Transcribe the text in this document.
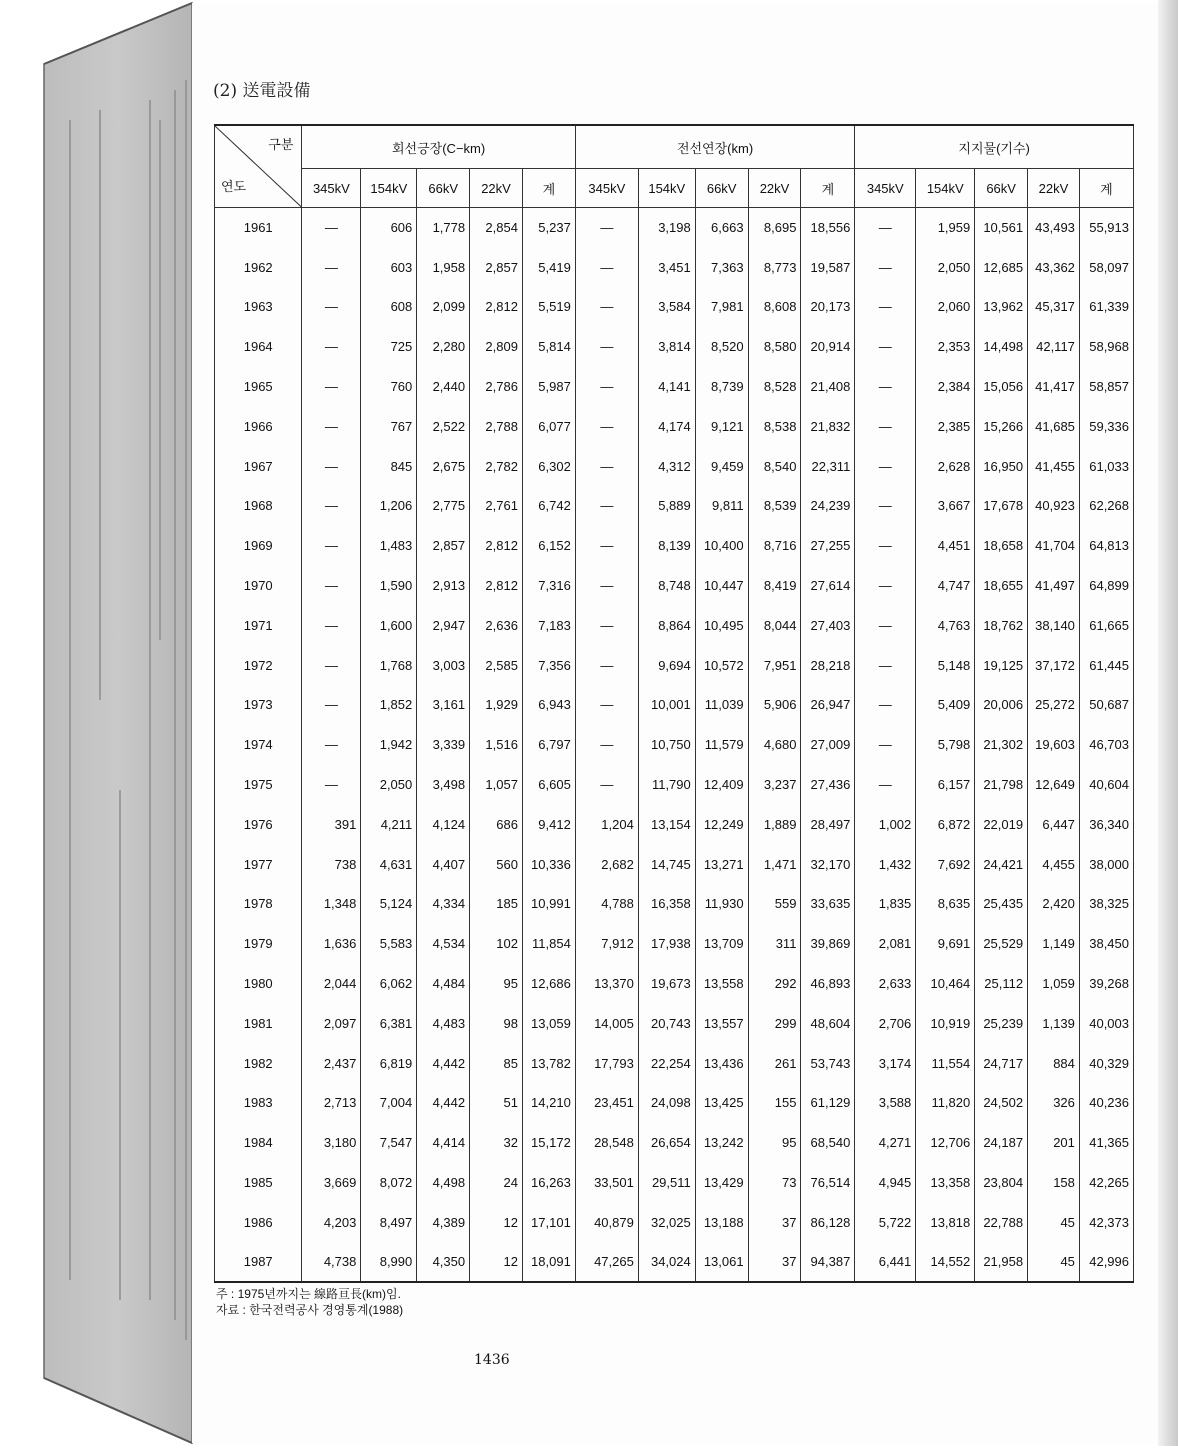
(2) 送電設備
구분
연도	회선긍장(C−km)					전선연장(km)					지지물(기수)				
	345kV	154kV	66kV	22kV	계	345kV	154kV	66kV	22kV	계	345kV	154kV	66kV	22kV	계
1961	—	606	1,778	2,854	5,237	—	3,198	6,663	8,695	18,556	—	1,959	10,561	43,493	55,913
1962	—	603	1,958	2,857	5,419	—	3,451	7,363	8,773	19,587	—	2,050	12,685	43,362	58,097
1963	—	608	2,099	2,812	5,519	—	3,584	7,981	8,608	20,173	—	2,060	13,962	45,317	61,339
1964	—	725	2,280	2,809	5,814	—	3,814	8,520	8,580	20,914	—	2,353	14,498	42,117	58,968
1965	—	760	2,440	2,786	5,987	—	4,141	8,739	8,528	21,408	—	2,384	15,056	41,417	58,857
1966	—	767	2,522	2,788	6,077	—	4,174	9,121	8,538	21,832	—	2,385	15,266	41,685	59,336
1967	—	845	2,675	2,782	6,302	—	4,312	9,459	8,540	22,311	—	2,628	16,950	41,455	61,033
1968	—	1,206	2,775	2,761	6,742	—	5,889	9,811	8,539	24,239	—	3,667	17,678	40,923	62,268
1969	—	1,483	2,857	2,812	6,152	—	8,139	10,400	8,716	27,255	—	4,451	18,658	41,704	64,813
1970	—	1,590	2,913	2,812	7,316	—	8,748	10,447	8,419	27,614	—	4,747	18,655	41,497	64,899
1971	—	1,600	2,947	2,636	7,183	—	8,864	10,495	8,044	27,403	—	4,763	18,762	38,140	61,665
1972	—	1,768	3,003	2,585	7,356	—	9,694	10,572	7,951	28,218	—	5,148	19,125	37,172	61,445
1973	—	1,852	3,161	1,929	6,943	—	10,001	11,039	5,906	26,947	—	5,409	20,006	25,272	50,687
1974	—	1,942	3,339	1,516	6,797	—	10,750	11,579	4,680	27,009	—	5,798	21,302	19,603	46,703
1975	—	2,050	3,498	1,057	6,605	—	11,790	12,409	3,237	27,436	—	6,157	21,798	12,649	40,604
1976	391	4,211	4,124	686	9,412	1,204	13,154	12,249	1,889	28,497	1,002	6,872	22,019	6,447	36,340
1977	738	4,631	4,407	560	10,336	2,682	14,745	13,271	1,471	32,170	1,432	7,692	24,421	4,455	38,000
1978	1,348	5,124	4,334	185	10,991	4,788	16,358	11,930	559	33,635	1,835	8,635	25,435	2,420	38,325
1979	1,636	5,583	4,534	102	11,854	7,912	17,938	13,709	311	39,869	2,081	9,691	25,529	1,149	38,450
1980	2,044	6,062	4,484	95	12,686	13,370	19,673	13,558	292	46,893	2,633	10,464	25,112	1,059	39,268
1981	2,097	6,381	4,483	98	13,059	14,005	20,743	13,557	299	48,604	2,706	10,919	25,239	1,139	40,003
1982	2,437	6,819	4,442	85	13,782	17,793	22,254	13,436	261	53,743	3,174	11,554	24,717	884	40,329
1983	2,713	7,004	4,442	51	14,210	23,451	24,098	13,425	155	61,129	3,588	11,820	24,502	326	40,236
1984	3,180	7,547	4,414	32	15,172	28,548	26,654	13,242	95	68,540	4,271	12,706	24,187	201	41,365
1985	3,669	8,072	4,498	24	16,263	33,501	29,511	13,429	73	76,514	4,945	13,358	23,804	158	42,265
1986	4,203	8,497	4,389	12	17,101	40,879	32,025	13,188	37	86,128	5,722	13,818	22,788	45	42,373
1987	4,738	8,990	4,350	12	18,091	47,265	34,024	13,061	37	94,387	6,441	14,552	21,958	45	42,996
주 : 1975년까지는 線路亘長(km)임.
자료 : 한국전력공사 경영통계(1988)
1436
